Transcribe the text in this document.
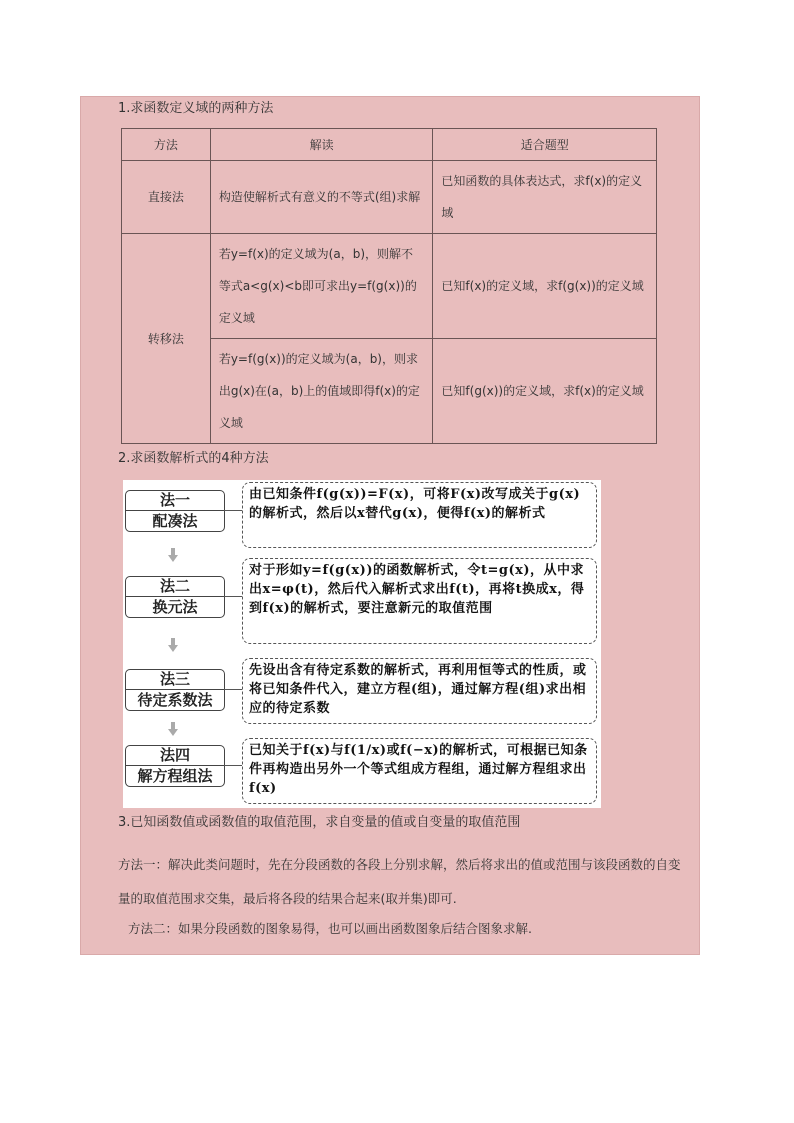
1.求函数定义域的两种方法
方法	解读	适合题型
直接法	构造使解析式有意义的不等式(组)求解	已知函数的具体表达式，求f(x)的定义域
转移法	若y=f(x)的定义域为(a，b)，则解不等式a<g(x)<b即可求出y=f(g(x))的定义域	已知f(x)的定义域，求f(g(x))的定义域
	若y=f(g(x))的定义域为(a，b)，则求出g(x)在(a，b)上的值域即得f(x)的定义域	已知f(g(x))的定义域，求f(x)的定义域
2.求函数解析式的4种方法
法一
配凑法
由已知条件f(g(x))=F(x)，可将F(x)改写成关于g(x)的解析式，然后以x替代g(x)，便得f(x)的解析式
法二
换元法
对于形如y=f(g(x))的函数解析式，令t=g(x)，从中求出x=φ(t)，然后代入解析式求出f(t)，再将t换成x，得到f(x)的解析式，要注意新元的取值范围
法三
待定系数法
先设出含有待定系数的解析式，再利用恒等式的性质，或将已知条件代入，建立方程(组)，通过解方程(组)求出相应的待定系数
法四
解方程组法
已知关于f(x)与f(1/x)或f(−x)的解析式，可根据已知条件再构造出另外一个等式组成方程组，通过解方程组求出f(x)
3.已知函数值或函数值的取值范围，求自变量的值或自变量的取值范围
方法一：解决此类问题时，先在分段函数的各段上分别求解，然后将求出的值或范围与该段函数的自变量的取值范围求交集，最后将各段的结果合起来(取并集)即可.
方法二：如果分段函数的图象易得，也可以画出函数图象后结合图象求解.
